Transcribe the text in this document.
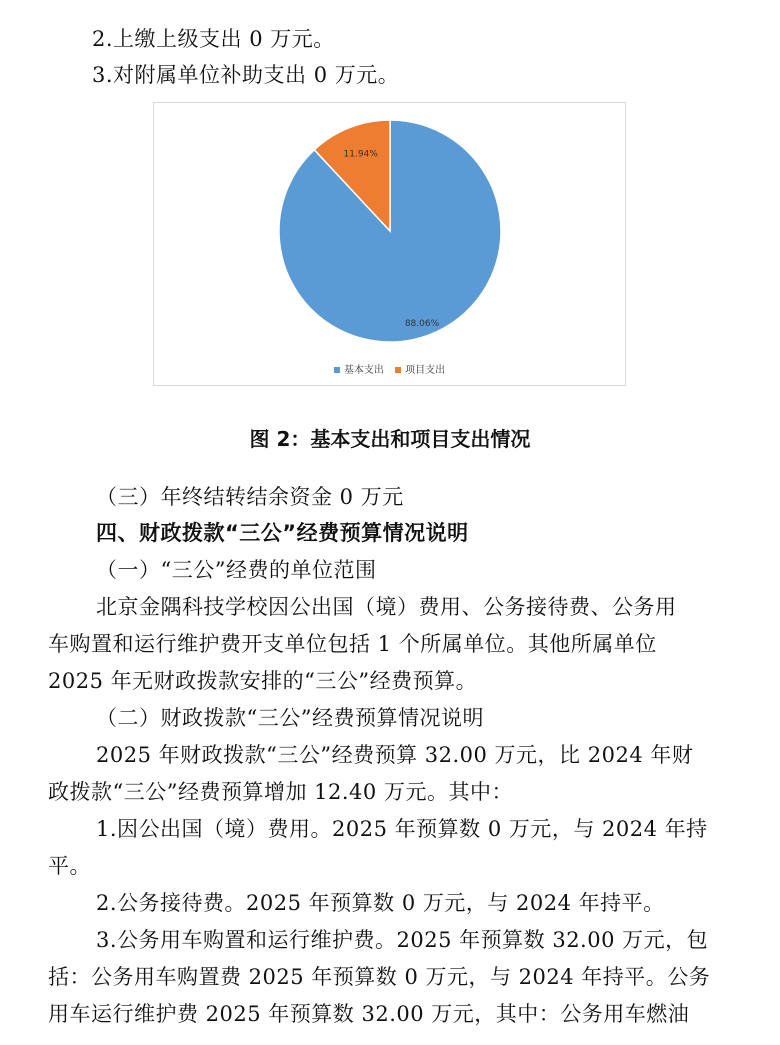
2.上缴上级支出 0 万元。
3.对附属单位补助支出 0 万元。
88.06%
11.94%
基本支出 项目支出
图 2：基本支出和项目支出情况
（三）年终结转结余资金 0 万元
四、财政拨款“三公”经费预算情况说明
（一）“三公”经费的单位范围
北京金隅科技学校因公出国（境）费用、公务接待费、公务用
车购置和运行维护费开支单位包括 1 个所属单位。其他所属单位
2025 年无财政拨款安排的“三公”经费预算。
（二）财政拨款“三公”经费预算情况说明
2025 年财政拨款“三公”经费预算 32.00 万元，比 2024 年财
政拨款“三公”经费预算增加 12.40 万元。其中：
1.因公出国（境）费用。2025 年预算数 0 万元，与 2024 年持
平。
2.公务接待费。2025 年预算数 0 万元，与 2024 年持平。
3.公务用车购置和运行维护费。2025 年预算数 32.00 万元，包
括：公务用车购置费 2025 年预算数 0 万元，与 2024 年持平。公务
用车运行维护费 2025 年预算数 32.00 万元，其中：公务用车燃油
